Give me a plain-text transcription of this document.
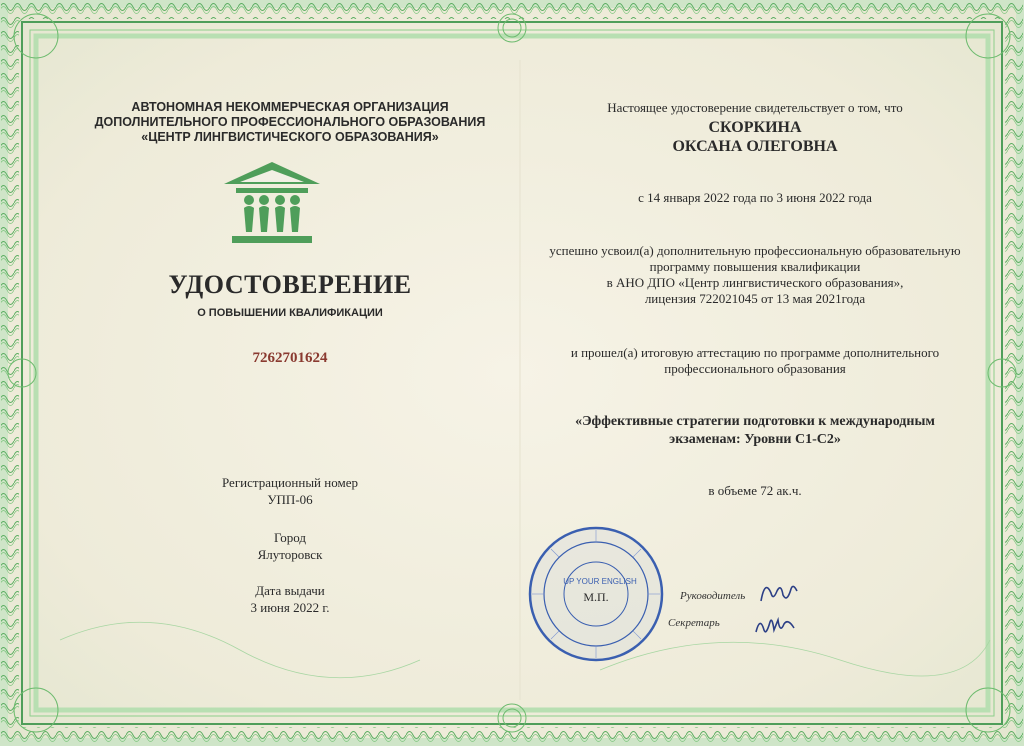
АВТОНОМНАЯ НЕКОММЕРЧЕСКАЯ ОРГАНИЗАЦИЯ
ДОПОЛНИТЕЛЬНОГО ПРОФЕССИОНАЛЬНОГО ОБРАЗОВАНИЯ
«ЦЕНТР ЛИНГВИСТИЧЕСКОГО ОБРАЗОВАНИЯ»
УДОСТОВЕРЕНИЕ
О ПОВЫШЕНИИ КВАЛИФИКАЦИИ
7262701624
Регистрационный номер
УПП-06
Город
Ялуторовск
Дата выдачи
3 июня 2022 г.
Настоящее удостоверение свидетельствует о том, что
СКОРКИНА
ОКСАНА ОЛЕГОВНА
с 14 января 2022 года по 3 июня 2022 года
успешно усвоил(а) дополнительную профессиональную образовательную
программу повышения квалификации
в АНО ДПО «Центр лингвистического образования»,
лицензия 722021045 от 13 мая 2021года
и прошел(а) итоговую аттестацию по программе дополнительного
профессионального образования
«Эффективные стратегии подготовки к международным
экзаменам: Уровни С1-С2»
в объеме 72 ак.ч.
UP YOUR ENGLISH
М.П.	Руководитель
Секретарь
